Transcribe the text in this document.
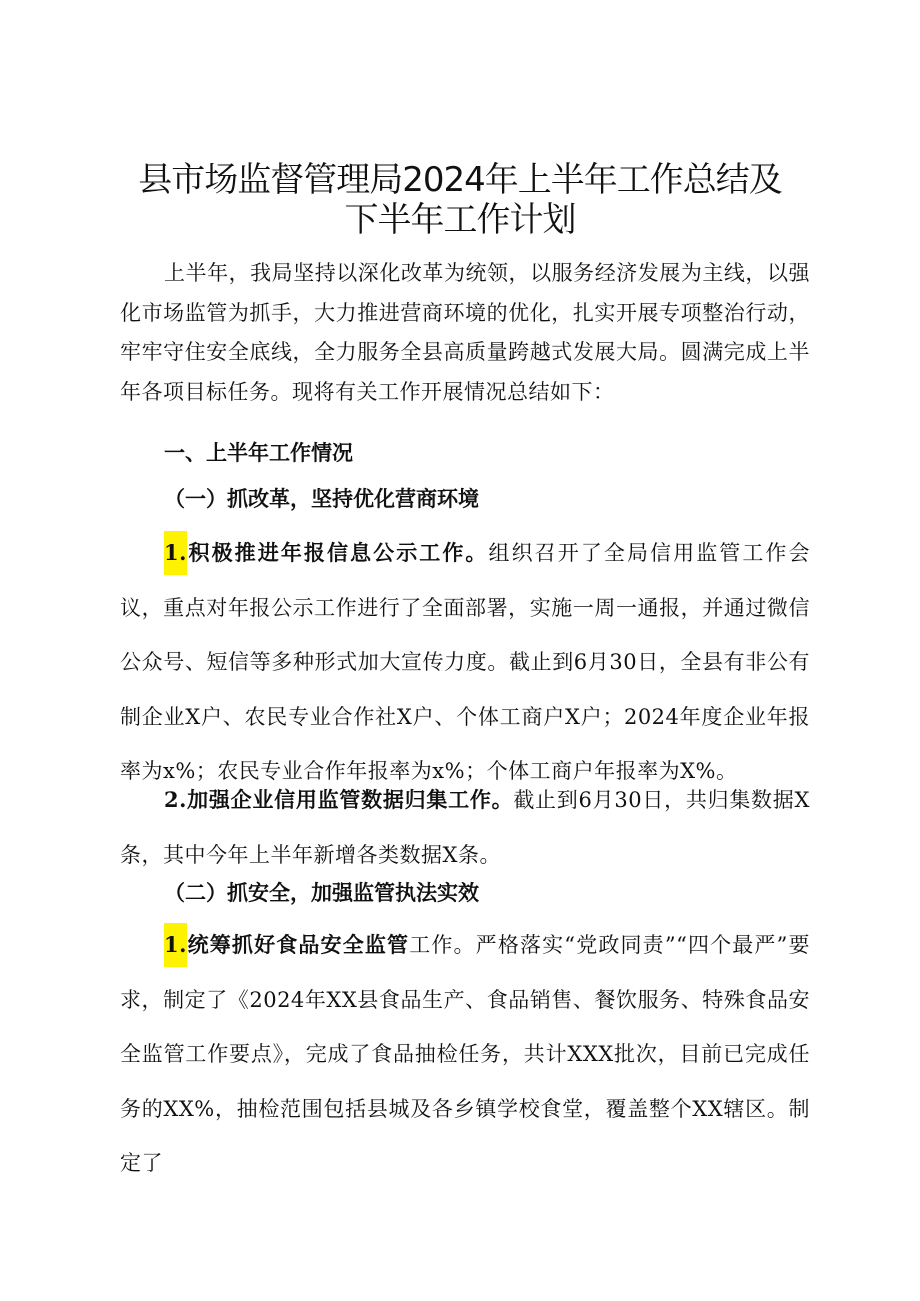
县市场监督管理局2024年上半年工作总结及
下半年工作计划

上半年，我局坚持以深化改革为统领，以服务经济发展为主线，以强化市场监管为抓手，大力推进营商环境的优化，扎实开展专项整治行动，牢牢守住安全底线，全力服务全县高质量跨越式发展大局。圆满完成上半年各项目标任务。现将有关工作开展情况总结如下：

一、上半年工作情况

（一）抓改革，坚持优化营商环境

1.积极推进年报信息公示工作。组织召开了全局信用监管工作会议，重点对年报公示工作进行了全面部署，实施一周一通报，并通过微信公众号、短信等多种形式加大宣传力度。截止到6月30日，全县有非公有制企业X户、农民专业合作社X户、个体工商户X户；2024年度企业年报率为x%；农民专业合作年报率为x%；个体工商户年报率为X%。

2.加强企业信用监管数据归集工作。截止到6月30日，共归集数据X条，其中今年上半年新增各类数据X条。

（二）抓安全，加强监管执法实效

1.统筹抓好食品安全监管工作。严格落实“党政同责”“四个最严”要求，制定了《2024年XX县食品生产、食品销售、餐饮服务、特殊食品安全监管工作要点》，完成了食品抽检任务，共计XXX批次，目前已完成任务的XX%，抽检范围包括县城及各乡镇学校食堂，覆盖整个XX辖区。制定了
